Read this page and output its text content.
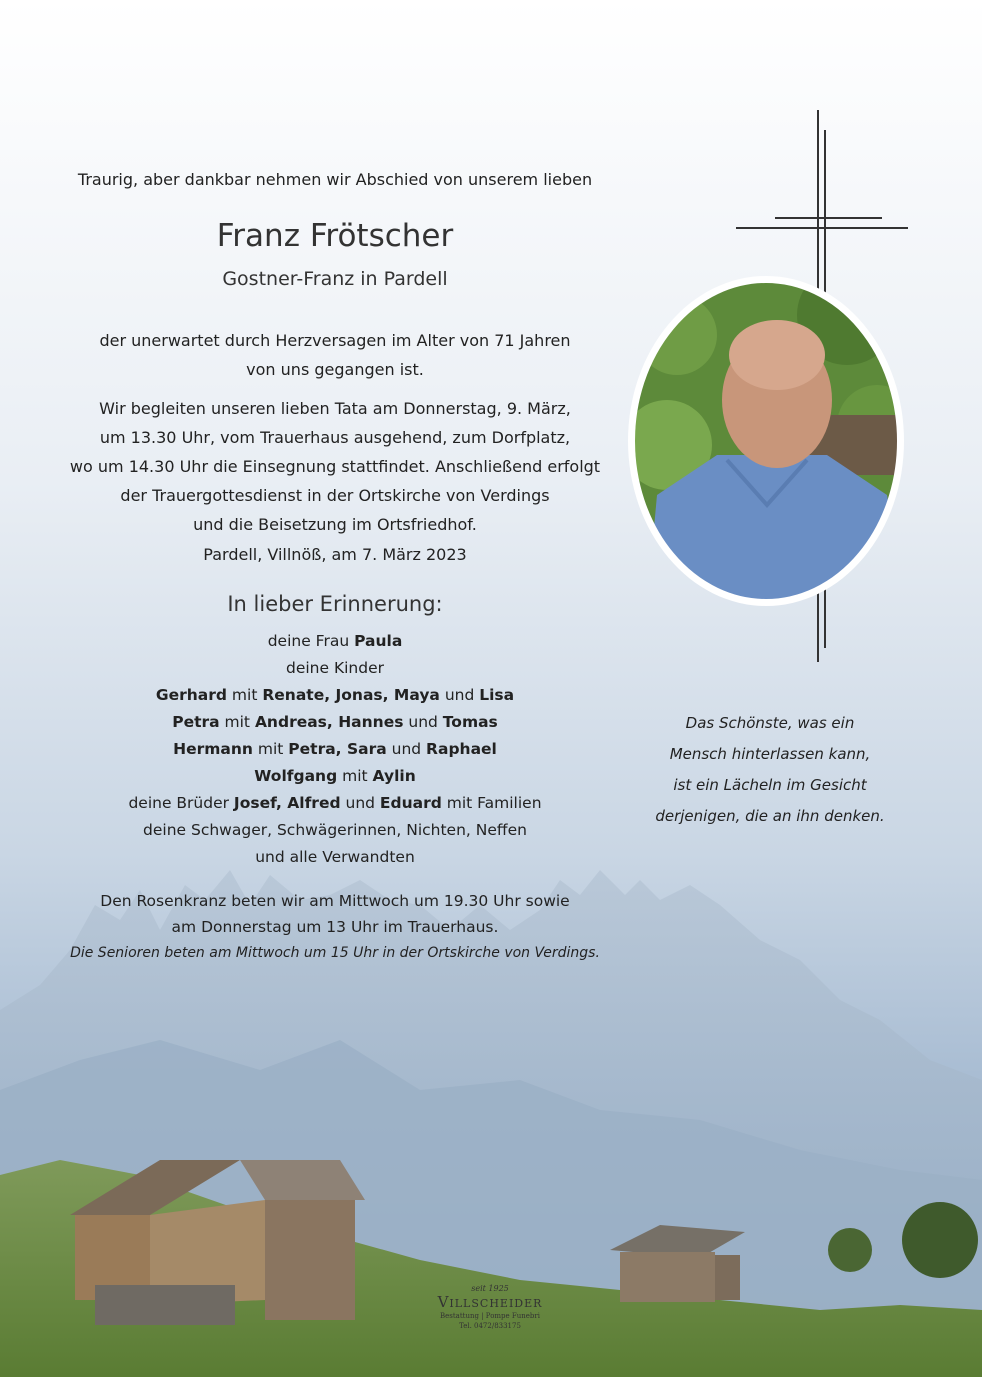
Traurig, aber dankbar nehmen wir Abschied von unserem lieben
Franz Frötscher
Gostner-Franz in Pardell
der unerwartet durch Herzversagen im Alter von 71 Jahren
von uns gegangen ist.
Wir begleiten unseren lieben Tata am Donnerstag, 9. März,
um 13.30 Uhr, vom Trauerhaus ausgehend, zum Dorfplatz,
wo um 14.30 Uhr die Einsegnung stattfindet. Anschließend erfolgt
der Trauergottesdienst in der Ortskirche von Verdings
und die Beisetzung im Ortsfriedhof.
Pardell, Villnöß, am 7. März 2023
In lieber Erinnerung:
deine Frau Paula
deine Kinder
Gerhard mit Renate, Jonas, Maya und Lisa
Petra mit Andreas, Hannes und Tomas
Hermann mit Petra, Sara und Raphael
Wolfgang mit Aylin
deine Brüder Josef, Alfred und Eduard mit Familien
deine Schwager, Schwägerinnen, Nichten, Neffen
und alle Verwandten
Den Rosenkranz beten wir am Mittwoch um 19.30 Uhr sowie
am Donnerstag um 13 Uhr im Trauerhaus.
Die Senioren beten am Mittwoch um 15 Uhr in der Ortskirche von Verdings.
Das Schönste, was ein
Mensch hinterlassen kann,
ist ein Lächeln im Gesicht
derjenigen, die an ihn denken.
seit 1925
Villscheider
Bestattung | Pompe Funebri
Tel. 0472/833175
